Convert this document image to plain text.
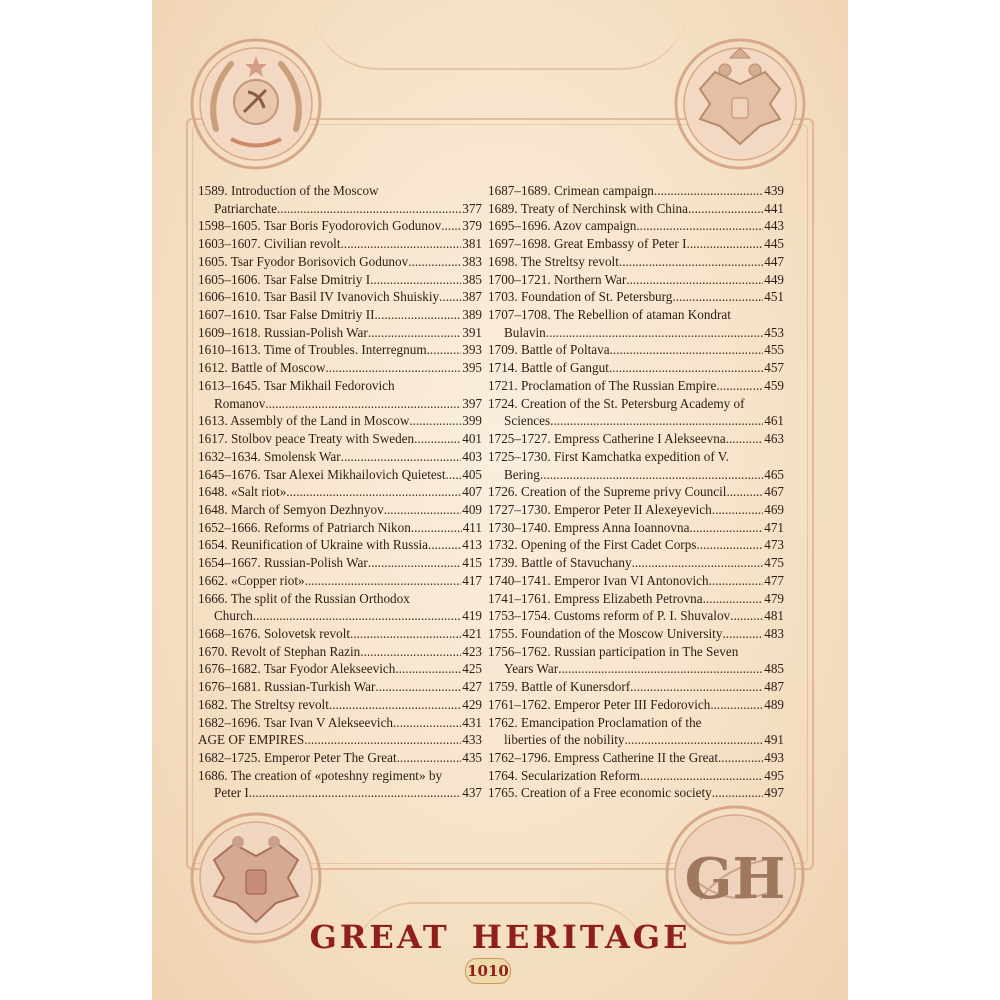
GH
1589. Introduction of the Moscow
Patriarchate .....	377
1598–1605. Tsar Boris Fyodorovich Godunov ..... 379
1603–1607. Civilian revolt .....	381
1605. Tsar Fyodor Borisovich Godunov .....	383
1605–1606. Tsar False Dmitriy I .....	385
1606–1610. Tsar Basil IV Ivanovich Shuiskiy ..... 387
1607–1610. Tsar False Dmitriy II .....	389
1609–1618. Russian-Polish War .....	391
1610–1613. Time of Troubles. Interregnum .....	393
1612. Battle of Moscow .....	395
1613–1645. Tsar Mikhail Fedorovich
Romanov .....	397
1613. Assembly of the Land in Moscow .....	399
1617. Stolbov peace Treaty with Sweden .....	401
1632–1634. Smolensk War .....	403
1645–1676. Tsar Alexei Mikhailovich Quietest ..... 405
1648. «Salt riot» .....	407
1648. March of Semyon Dezhnyov .....	409
1652–1666. Reforms of Patriarch Nikon .....	411
1654. Reunification of Ukraine with Russia. ..... 413
1654–1667. Russian-Polish War .....	415
1662. «Copper riot» .....	417
1666. The split of the Russian Orthodox
Church .....	419
1668–1676. Solovetsk revolt .....	421
1670. Revolt of Stephan Razin .....	423
1676–1682. Tsar Fyodor Alekseevich .....	425
1676–1681. Russian-Turkish War .....	427
1682. The Streltsy revolt .....	429
1682–1696. Tsar Ivan V Alekseevich .....	431
AGE OF EMPIRES .....	433
1682–1725. Emperor Peter The Great .....	435
1686. The creation of «poteshny regiment» by
Peter I .....	437
1687–1689. Crimean campaign .....	439
1689. Treaty of Nerchinsk with China .....	441
1695–1696. Azov campaign .....	443
1697–1698. Great Embassy of Peter I .....	445
1698. The Streltsy revolt .....	447
1700–1721. Northern War .....	449
1703. Foundation of St. Petersburg .....	451
1707–1708. The Rebellion of ataman Kondrat
Bulavin .....	453
1709. Battle of Poltava .....	455
1714. Battle of Gangut .....	457
1721. Proclamation of The Russian Empire .....	459
1724. Creation of the St. Petersburg Academy of
Sciences .....	461
1725–1727. Empress Catherine I Alekseevna .....	463
1725–1730. First Kamchatka expedition of V.
Bering .....	465
1726. Creation of the Supreme privy Council .....	467
1727–1730. Emperor Peter II Alexeyevich .....	469
1730–1740. Empress Anna Ioannovna .....	471
1732. Opening of the First Cadet Corps .....	473
1739. Battle of Stavuchany .....	475
1740–1741. Emperor Ivan VI Antonovich .....	477
1741–1761. Empress Elizabeth Petrovna .....	479
1753–1754. Customs reform of P. I. Shuvalov .....	481
1755. Foundation of the Moscow University .....	483
1756–1762. Russian participation in The Seven
Years War .....	485
1759. Battle of Kunersdorf .....	487
1761–1762. Emperor Peter III Fedorovich .....	489
1762. Emancipation Proclamation of the
liberties of the nobility .....	491
1762–1796. Empress Catherine II the Great .....	493
1764. Secularization Reform .....	495
1765. Creation of a Free economic society .....	497
GREAT HERITAGE
1010
